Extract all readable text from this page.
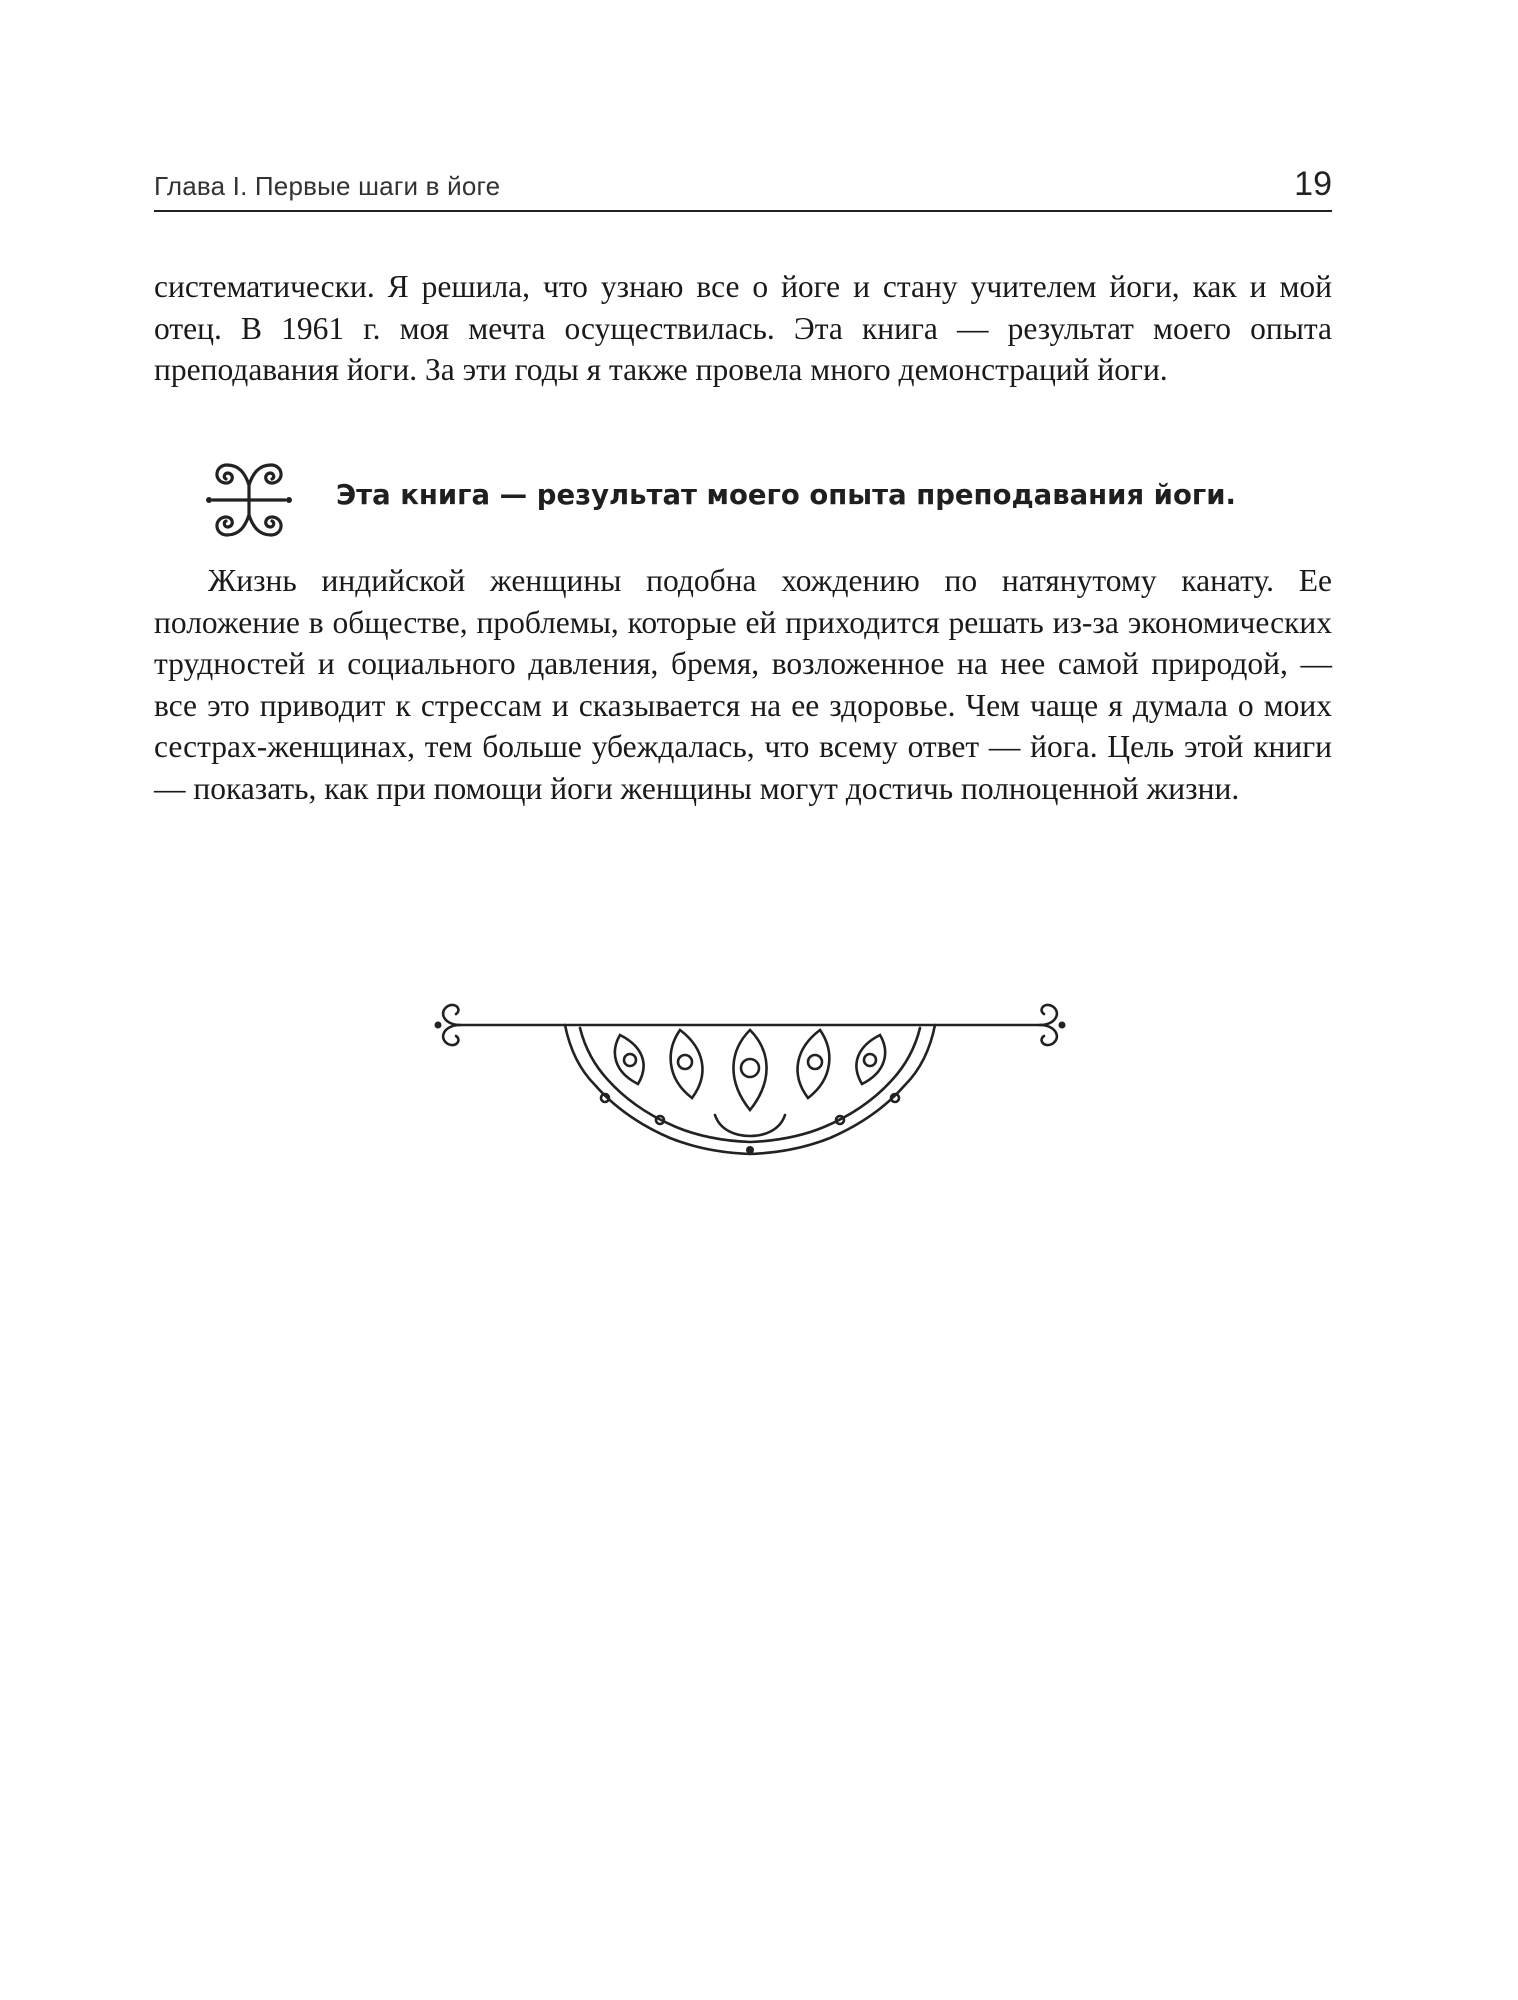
Глава I. Первые шаги в йоге	19

систематически. Я решила, что узнаю все о йоге и стану учителем йоги, как и мой отец. В 1961 г. моя мечта осуществилась. Эта книга — результат моего опыта преподавания йоги. За эти годы я также провела много демонстраций йоги.

Эта книга — результат моего опыта преподавания йоги.

Жизнь индийской женщины подобна хождению по натянутому канату. Ее положение в обществе, проблемы, которые ей приходится решать из-за экономических трудностей и социального давления, бремя, возложенное на нее самой природой, — все это приводит к стрессам и сказывается на ее здоровье. Чем чаще я думала о моих сестрах-женщинах, тем больше убеждалась, что всему ответ — йога. Цель этой книги — показать, как при помощи йоги женщины могут достичь полноценной жизни.
